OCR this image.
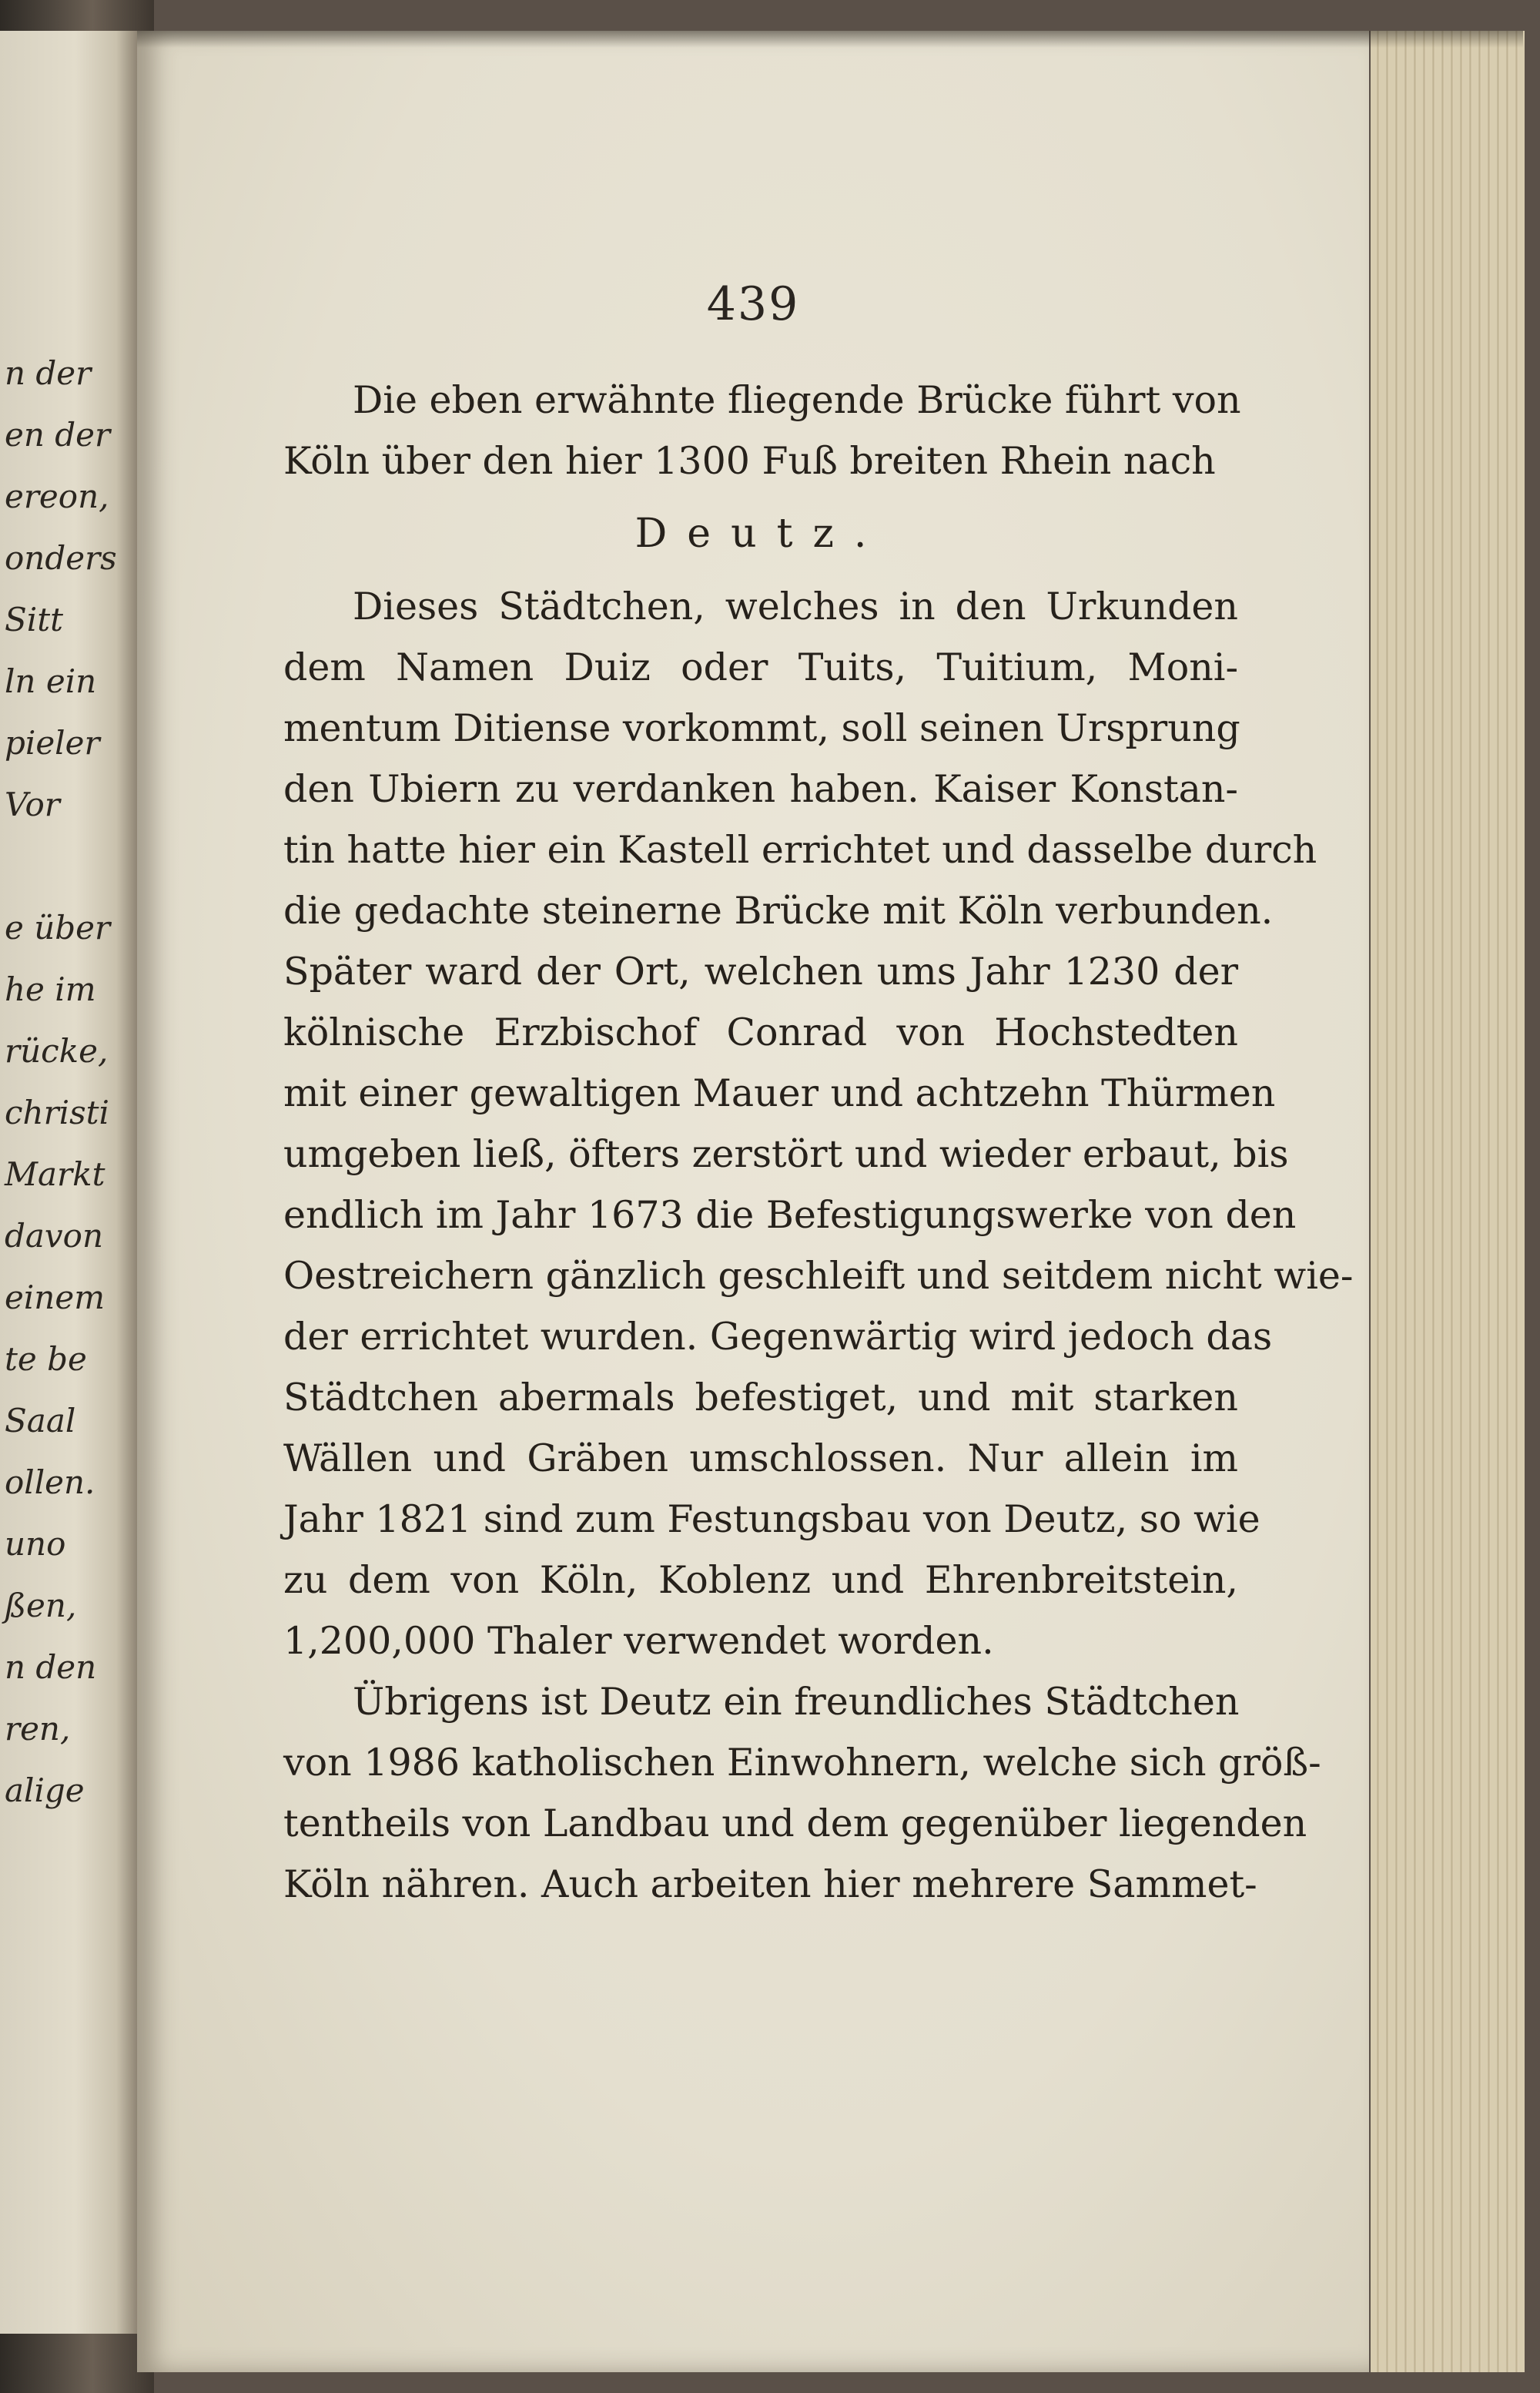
n der
en der
ereon,
onders
Sitt
ln ein
pieler
Vor
e über
he im
rücke,
christi
Markt
davon
einem
te be
Saal
ollen.
uno
ßen,
n den
ren,
alige
439
Die eben erwähnte fliegende Brücke führt von
Köln über den hier 1300 Fuß breiten Rhein nach
Deutz.
Dieses Städtchen, welches in den Urkunden
dem Namen Duiz oder Tuits, Tuitium, Moni-
mentum Ditiense vorkommt, soll seinen Ursprung
den Ubiern zu verdanken haben. Kaiser Konstan-
tin hatte hier ein Kastell errichtet und dasselbe durch
die gedachte steinerne Brücke mit Köln verbunden.
Später ward der Ort, welchen ums Jahr 1230 der
kölnische Erzbischof Conrad von Hochstedten
mit einer gewaltigen Mauer und achtzehn Thürmen
umgeben ließ, öfters zerstört und wieder erbaut, bis
endlich im Jahr 1673 die Befestigungswerke von den
Oestreichern gänzlich geschleift und seitdem nicht wie-
der errichtet wurden. Gegenwärtig wird jedoch das
Städtchen abermals befestiget, und mit starken
Wällen und Gräben umschlossen. Nur allein im
Jahr 1821 sind zum Festungsbau von Deutz, so wie
zu dem von Köln, Koblenz und Ehrenbreitstein,
1,200,000 Thaler verwendet worden.
Übrigens ist Deutz ein freundliches Städtchen
von 1986 katholischen Einwohnern, welche sich größ-
tentheils von Landbau und dem gegenüber liegenden
Köln nähren. Auch arbeiten hier mehrere Sammet-
